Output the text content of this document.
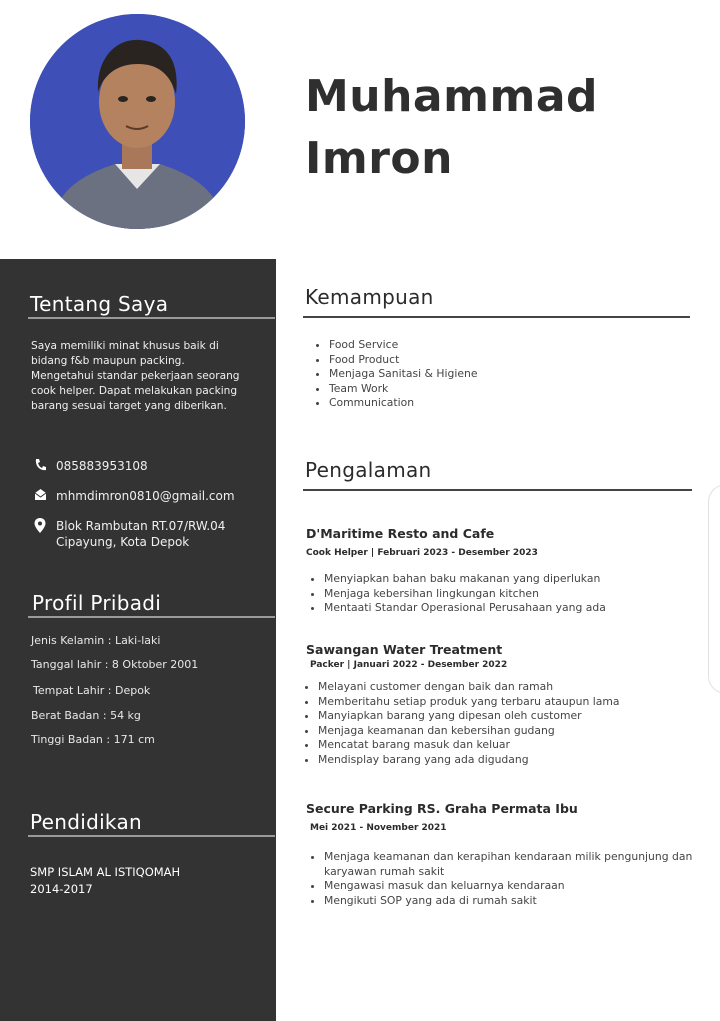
Muhammad
Imron
Tentang Saya
Saya memiliki minat khusus baik di bidang f&b maupun packing. Mengetahui standar pekerjaan seorang cook helper. Dapat melakukan packing barang sesuai target yang diberikan.
085883953108
mhmdimron0810@gmail.com
Blok Rambutan RT.07/RW.04
Cipayung, Kota Depok
Profil Pribadi
Jenis Kelamin : Laki-laki
Tanggal lahir : 8 Oktober 2001
Tempat Lahir : Depok
Berat Badan : 54 kg
Tinggi Badan : 171 cm
Pendidikan
SMP ISLAM AL ISTIQOMAH
2014-2017
Kemampuan
• Food Service
• Food Product
• Menjaga Sanitasi & Higiene
• Team Work
• Communication
Pengalaman
D'Maritime Resto and Cafe
Cook Helper | Februari 2023 - Desember 2023
• Menyiapkan bahan baku makanan yang diperlukan
• Menjaga kebersihan lingkungan kitchen
• Mentaati Standar Operasional Perusahaan yang ada
Sawangan Water Treatment
Packer | Januari 2022 - Desember 2022
• Melayani customer dengan baik dan ramah
• Memberitahu setiap produk yang terbaru ataupun lama
• Manyiapkan barang yang dipesan oleh customer
• Menjaga keamanan dan kebersihan gudang
• Mencatat barang masuk dan keluar
• Mendisplay barang yang ada digudang
Secure Parking RS. Graha Permata Ibu
Mei 2021 - November 2021
• Menjaga keamanan dan kerapihan kendaraan milik pengunjung dan karyawan rumah sakit
• Mengawasi masuk dan keluarnya kendaraan
• Mengikuti SOP yang ada di rumah sakit
